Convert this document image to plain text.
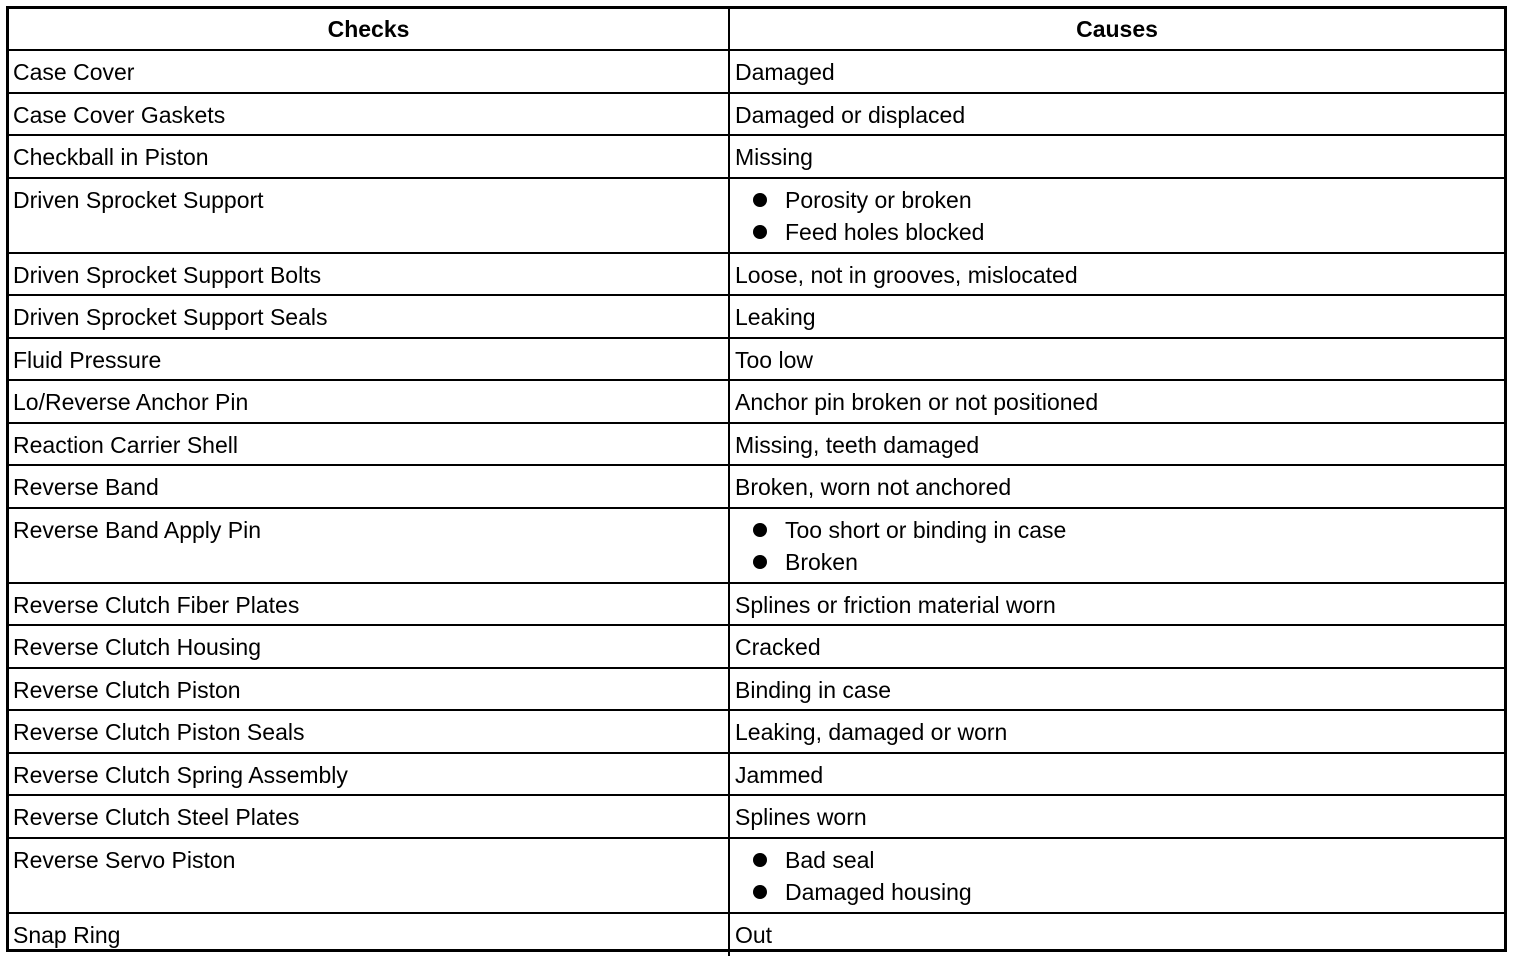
Checks	Causes
Case Cover	Damaged
Case Cover Gaskets	Damaged or displaced
Checkball in Piston	Missing
Driven Sprocket Support	Porosity or broken
Feed holes blocked
Driven Sprocket Support Bolts	Loose, not in grooves, mislocated
Driven Sprocket Support Seals	Leaking
Fluid Pressure	Too low
Lo/Reverse Anchor Pin	Anchor pin broken or not positioned
Reaction Carrier Shell	Missing, teeth damaged
Reverse Band	Broken, worn not anchored
Reverse Band Apply Pin	Too short or binding in case
Broken
Reverse Clutch Fiber Plates	Splines or friction material worn
Reverse Clutch Housing	Cracked
Reverse Clutch Piston	Binding in case
Reverse Clutch Piston Seals	Leaking, damaged or worn
Reverse Clutch Spring Assembly	Jammed
Reverse Clutch Steel Plates	Splines worn
Reverse Servo Piston	Bad seal
Damaged housing
Snap Ring	Out
